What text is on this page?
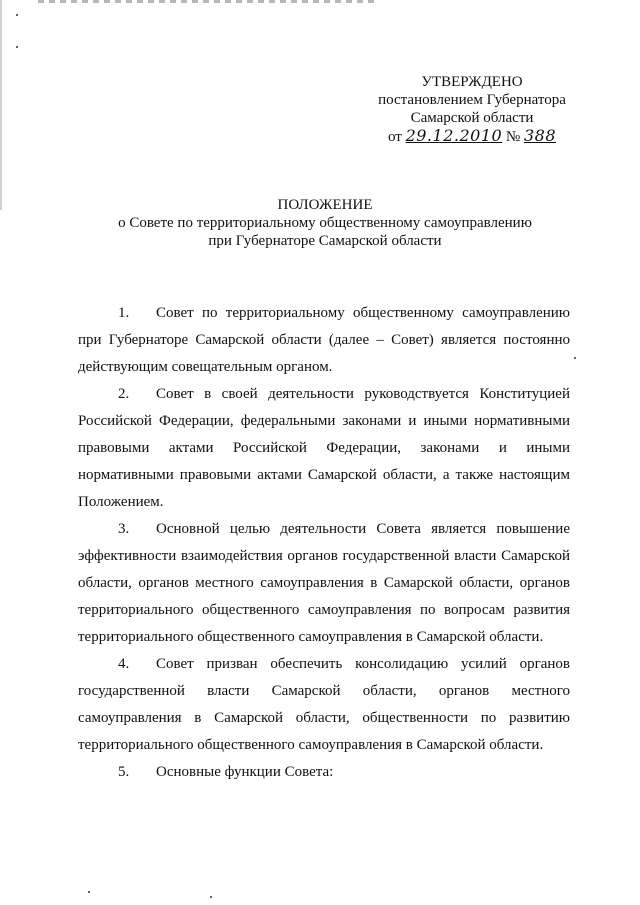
УТВЕРЖДЕНО
постановлением Губернатора
Самарской области
от 29.12.2010 № 388
ПОЛОЖЕНИЕ
о Совете по территориальному общественному самоуправлению
при Губернаторе Самарской области

1. Совет по территориальному общественному самоуправлению при Губернаторе Самарской области (далее – Совет) является постоянно действующим совещательным органом.

2. Совет в своей деятельности руководствуется Конституцией Российской Федерации, федеральными законами и иными нормативными правовыми актами Российской Федерации, законами и иными нормативными правовыми актами Самарской области, а также настоящим Положением.

3. Основной целью деятельности Совета является повышение эффективности взаимодействия органов государственной власти Самарской области, органов местного самоуправления в Самарской области, органов территориального общественного самоуправления по вопросам развития территориального общественного самоуправления в Самарской области.

4. Совет призван обеспечить консолидацию усилий органов государственной власти Самарской области, органов местного самоуправления в Самарской области, общественности по развитию территориального общественного самоуправления в Самарской области.

5. Основные функции Совета:
